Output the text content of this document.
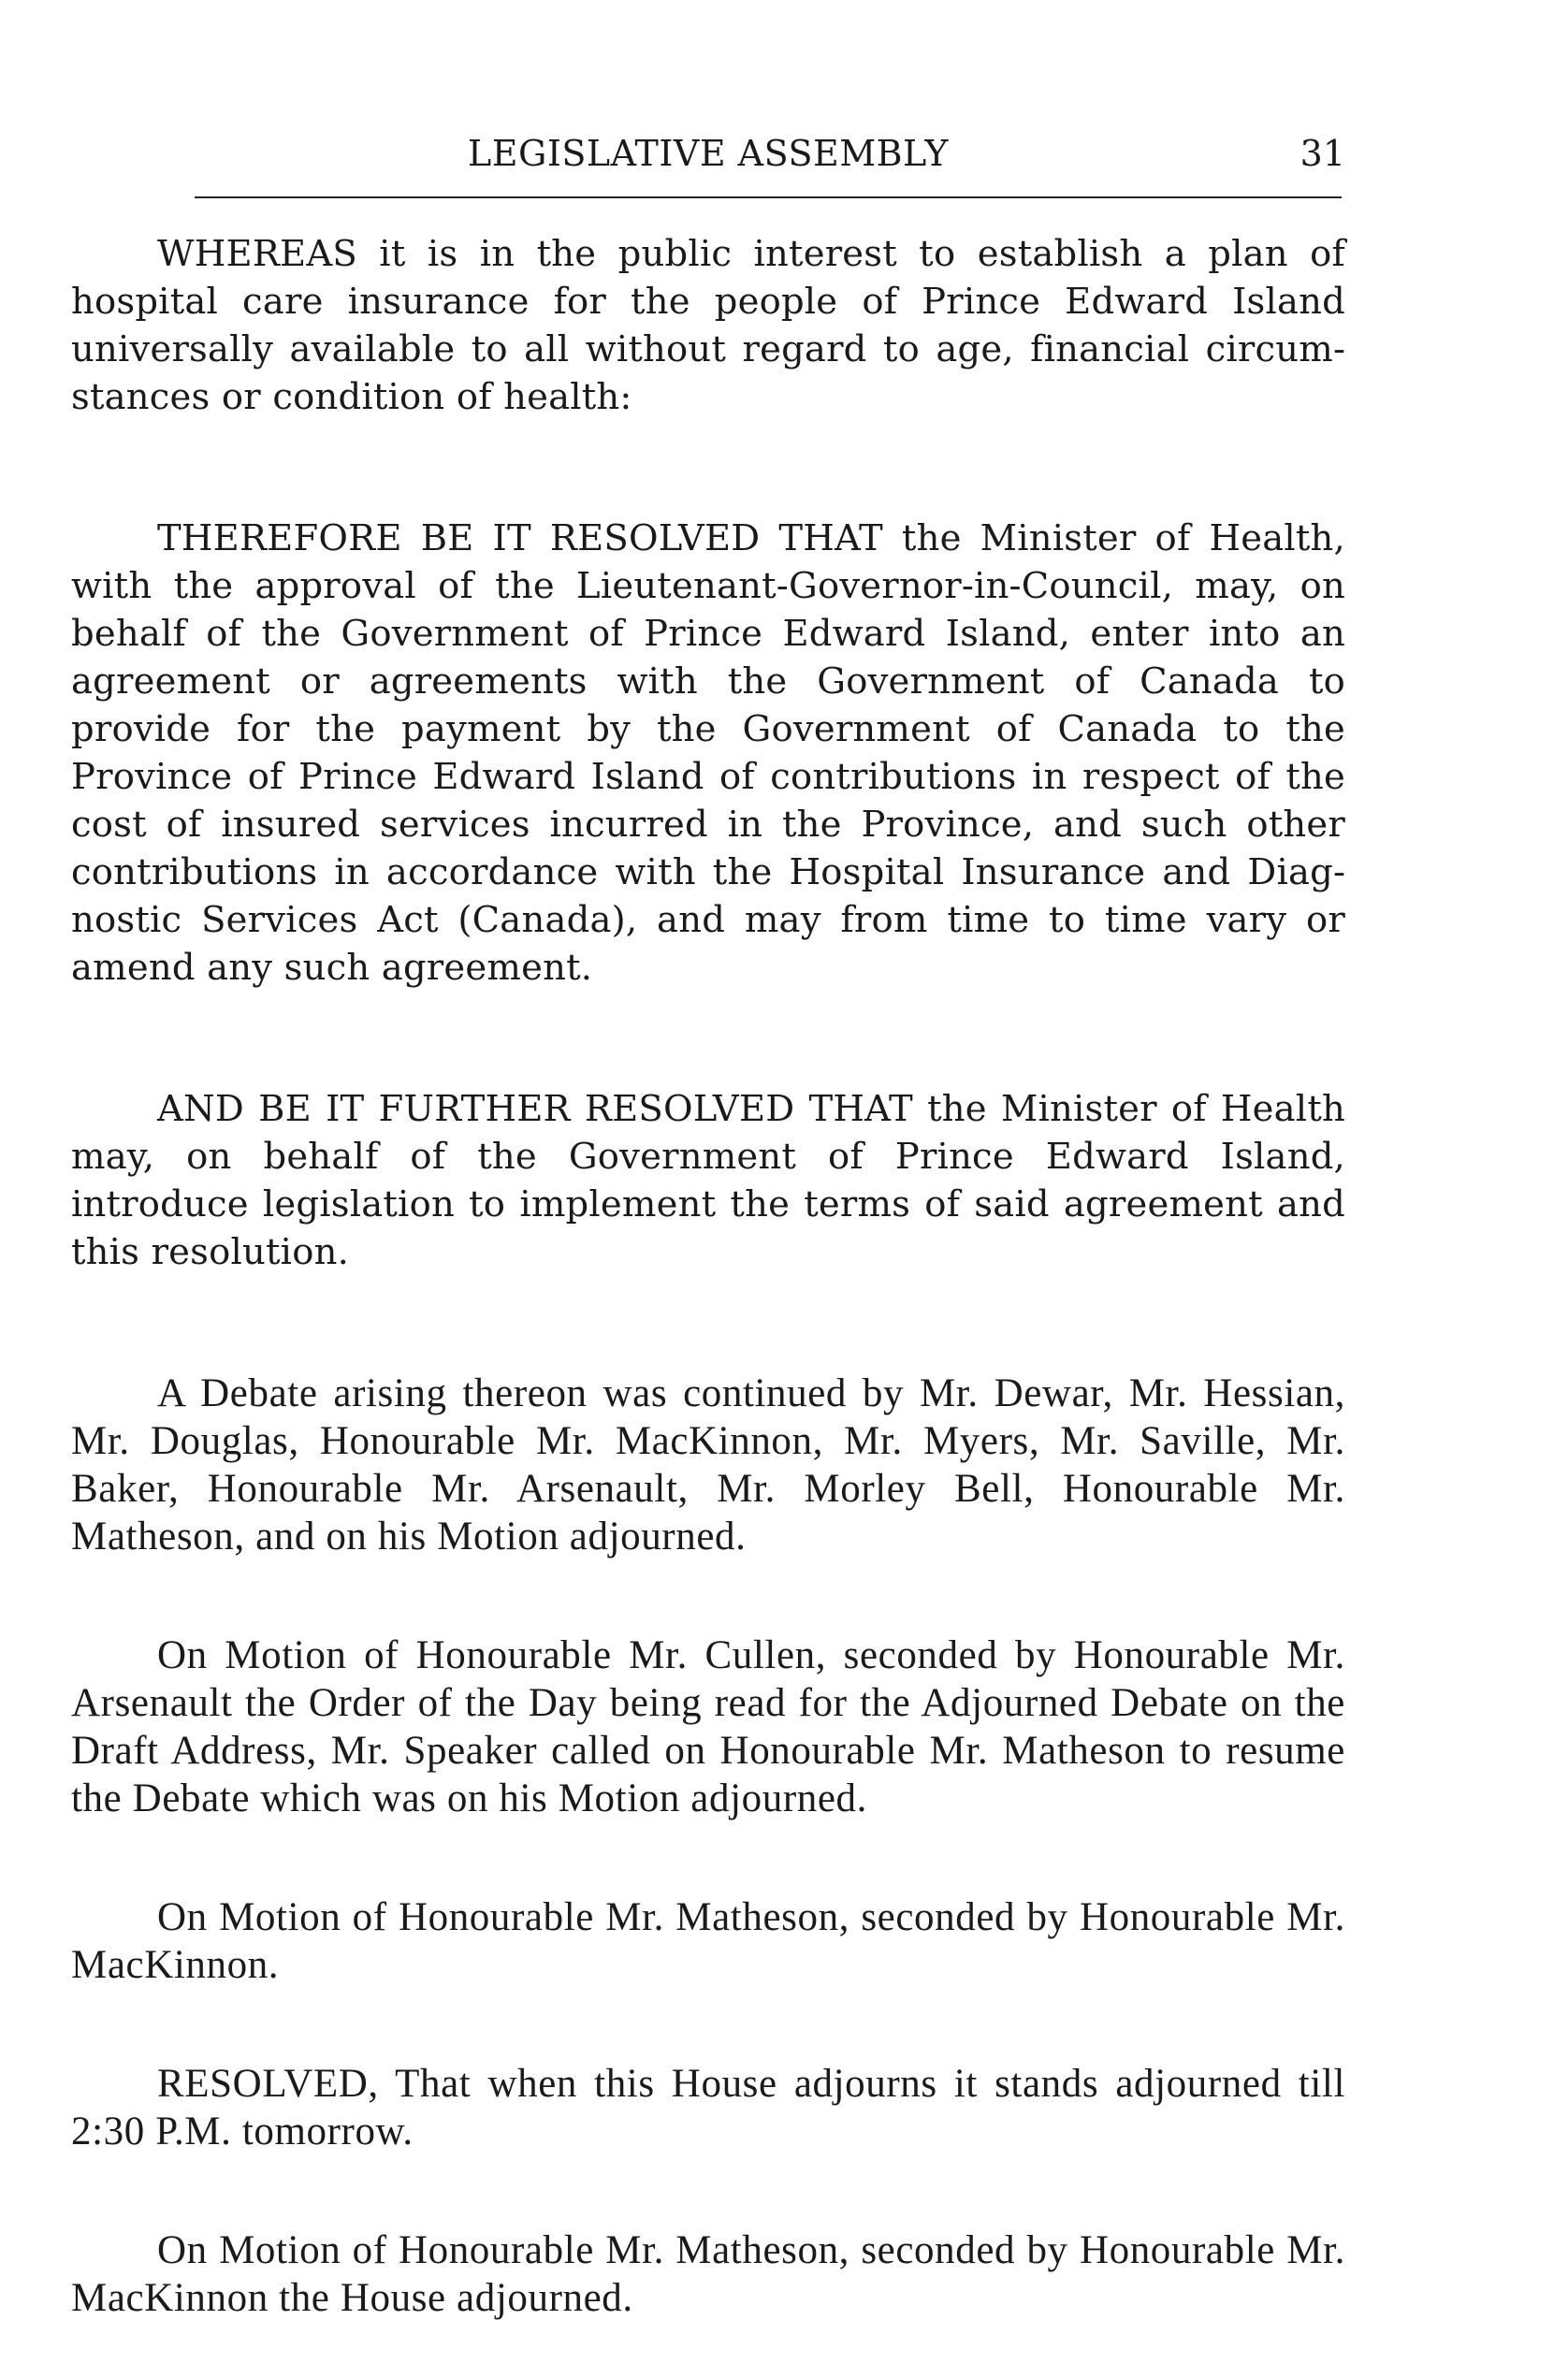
LEGISLATIVE ASSEMBLY	31

WHEREAS it is in the public interest to establish a plan of hospital care insurance for the people of Prince Edward Island universally available to all without regard to age, financial circumstances or condition of health:

THEREFORE BE IT RESOLVED THAT the Minister of Health, with the approval of the Lieutenant-Governor-in-Council, may, on behalf of the Government of Prince Edward Island, enter into an agreement or agreements with the Government of Canada to provide for the payment by the Government of Canada to the Province of Prince Edward Island of contributions in respect of the cost of insured services incurred in the Province, and such other contributions in accordance with the Hospital Insurance and Diagnostic Services Act (Canada), and may from time to time vary or amend any such agreement.

AND BE IT FURTHER RESOLVED THAT the Minister of Health may, on behalf of the Government of Prince Edward Island, introduce legislation to implement the terms of said agreement and this resolution.

A Debate arising thereon was continued by Mr. Dewar, Mr. Hessian, Mr. Douglas, Honourable Mr. MacKinnon, Mr. Myers, Mr. Saville, Mr. Baker, Honourable Mr. Arsenault, Mr. Morley Bell, Honourable Mr. Matheson, and on his Motion adjourned.

On Motion of Honourable Mr. Cullen, seconded by Honourable Mr. Arsenault the Order of the Day being read for the Adjourned Debate on the Draft Address, Mr. Speaker called on Honourable Mr. Matheson to resume the Debate which was on his Motion adjourned.

On Motion of Honourable Mr. Matheson, seconded by Honourable Mr. MacKinnon.

RESOLVED, That when this House adjourns it stands adjourned till 2:30 P.M. tomorrow.

On Motion of Honourable Mr. Matheson, seconded by Honourable Mr. MacKinnon the House adjourned.
